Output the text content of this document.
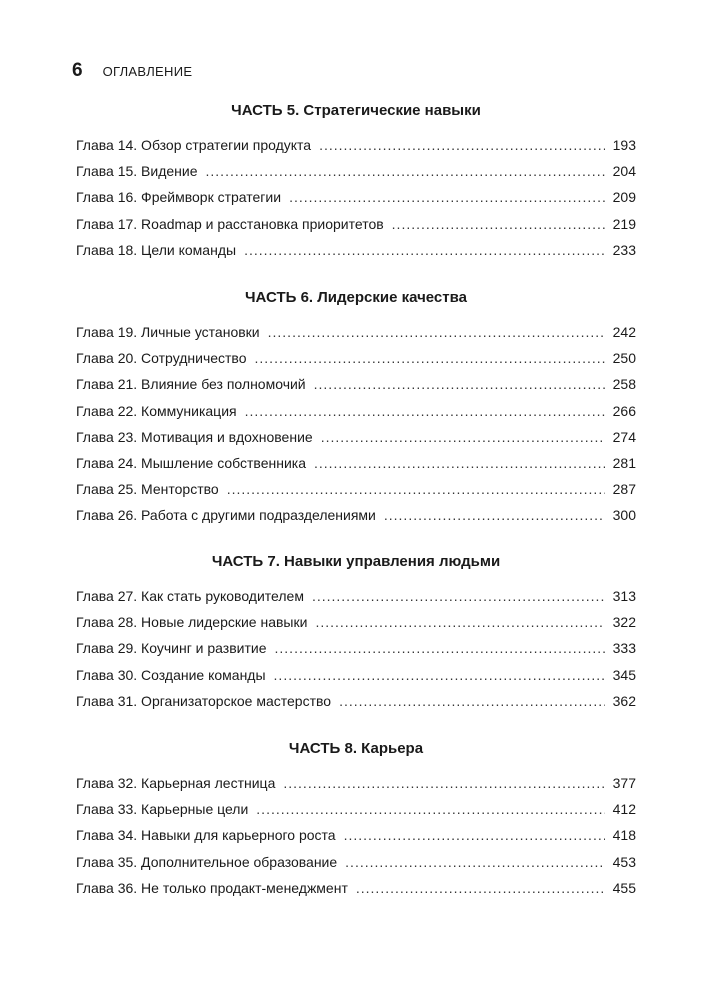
6 ОГЛАВЛЕНИЕ
ЧАСТЬ 5. Стратегические навыки
Глава 14. Обзор стратегии продукта .....	193
Глава 15. Видение .....	204
Глава 16. Фреймворк стратегии .....	209
Глава 17. Roadmap и расстановка приоритетов .....	219
Глава 18. Цели команды .....	233
ЧАСТЬ 6. Лидерские качества
Глава 19. Личные установки .....	242
Глава 20. Сотрудничество .....	250
Глава 21. Влияние без полномочий .....	258
Глава 22. Коммуникация .....	266
Глава 23. Мотивация и вдохновение .....	274
Глава 24. Мышление собственника .....	281
Глава 25. Менторство .....	287
Глава 26. Работа с другими подразделениями .....	300
ЧАСТЬ 7. Навыки управления людьми
Глава 27. Как стать руководителем .....	313
Глава 28. Новые лидерские навыки .....	322
Глава 29. Коучинг и развитие .....	333
Глава 30. Создание команды .....	345
Глава 31. Организаторское мастерство .....	362
ЧАСТЬ 8. Карьера
Глава 32. Карьерная лестница .....	377
Глава 33. Карьерные цели .....	412
Глава 34. Навыки для карьерного роста .....	418
Глава 35. Дополнительное образование .....	453
Глава 36. Не только продакт-менеджмент .....	455
